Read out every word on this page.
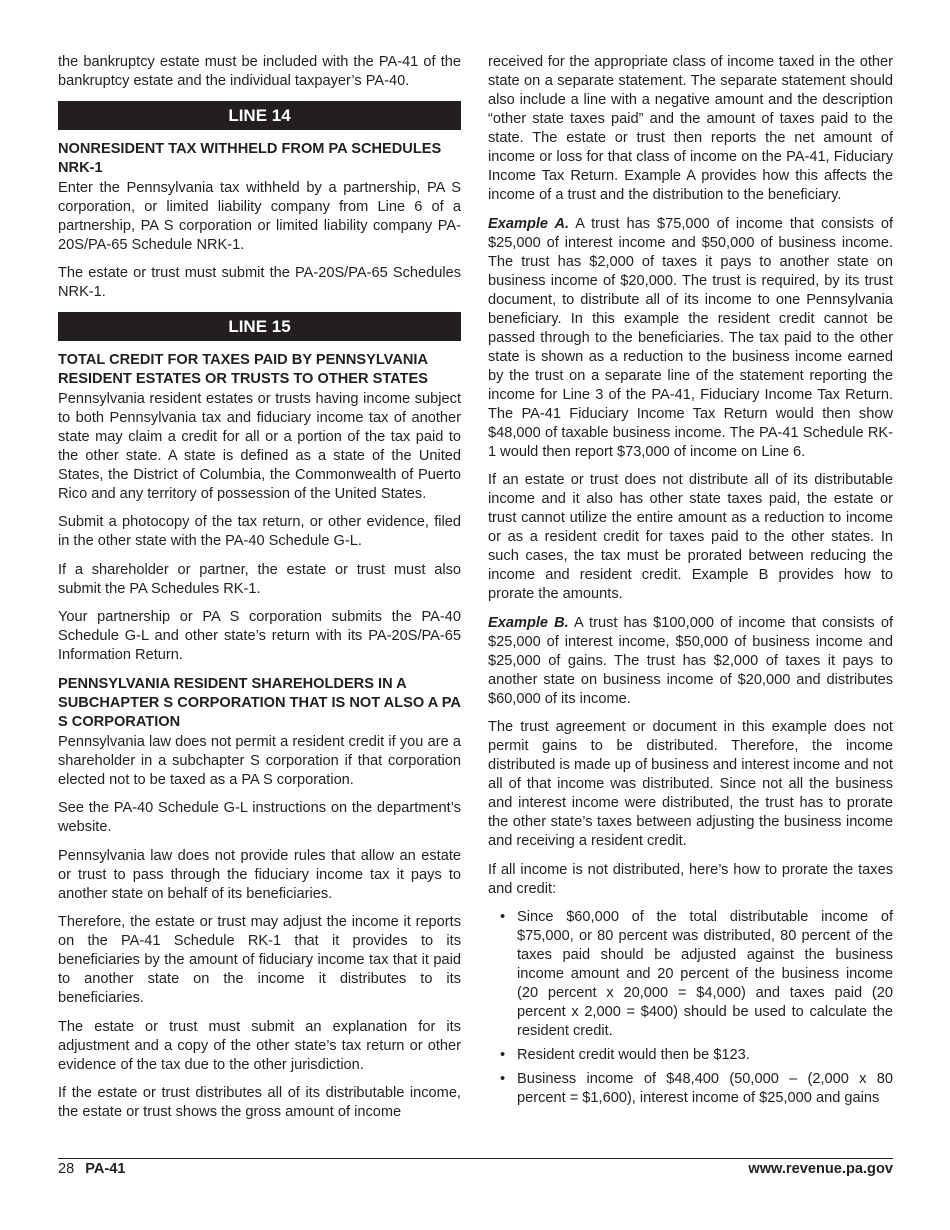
the bankruptcy estate must be included with the PA-41 of the bankruptcy estate and the individual taxpayer’s PA-40.

LINE 14
NONRESIDENT TAX WITHHELD FROM PA SCHEDULES NRK-1

Enter the Pennsylvania tax withheld by a partnership, PA S corporation, or limited liability company from Line 6 of a partnership, PA S corporation or limited liability company PA-20S/PA-65 Schedule NRK-1.

The estate or trust must submit the PA-20S/PA-65 Schedules NRK-1.

LINE 15
TOTAL CREDIT FOR TAXES PAID BY PENNSYLVANIA RESIDENT ESTATES OR TRUSTS TO OTHER STATES

Pennsylvania resident estates or trusts having income subject to both Pennsylvania tax and fiduciary income tax of another state may claim a credit for all or a portion of the tax paid to the other state. A state is defined as a state of the United States, the District of Columbia, the Commonwealth of Puerto Rico and any territory of possession of the United States.

Submit a photocopy of the tax return, or other evidence, filed in the other state with the PA-40 Schedule G-L.

If a shareholder or partner, the estate or trust must also submit the PA Schedules RK-1.

Your partnership or PA S corporation submits the PA-40 Schedule G-L and other state’s return with its PA-20S/PA-65 Information Return.

PENNSYLVANIA RESIDENT SHAREHOLDERS IN A SUBCHAPTER S CORPORATION THAT IS NOT ALSO A PA S CORPORATION

Pennsylvania law does not permit a resident credit if you are a shareholder in a subchapter S corporation if that corporation elected not to be taxed as a PA S corporation.

See the PA-40 Schedule G-L instructions on the department’s website.

Pennsylvania law does not provide rules that allow an estate or trust to pass through the fiduciary income tax it pays to another state on behalf of its beneficiaries.

Therefore, the estate or trust may adjust the income it reports on the PA-41 Schedule RK-1 that it provides to its beneficiaries by the amount of fiduciary income tax that it paid to another state on the income it distributes to its beneficiaries.

The estate or trust must submit an explanation for its adjustment and a copy of the other state’s tax return or other evidence of the tax due to the other jurisdiction.

If the estate or trust distributes all of its distributable income, the estate or trust shows the gross amount of income

received for the appropriate class of income taxed in the other state on a separate statement. The separate statement should also include a line with a negative amount and the description “other state taxes paid” and the amount of taxes paid to the state. The estate or trust then reports the net amount of income or loss for that class of income on the PA-41, Fiduciary Income Tax Return. Example A provides how this affects the income of a trust and the distribution to the beneficiary.

Example A. A trust has $75,000 of income that consists of $25,000 of interest income and $50,000 of business income. The trust has $2,000 of taxes it pays to another state on business income of $20,000. The trust is required, by its trust document, to distribute all of its income to one Pennsylvania beneficiary. In this example the resident credit cannot be passed through to the beneficiaries. The tax paid to the other state is shown as a reduction to the business income earned by the trust on a separate line of the statement reporting the income for Line 3 of the PA-41, Fiduciary Income Tax Return. The PA-41 Fiduciary Income Tax Return would then show $48,000 of taxable business income. The PA-41 Schedule RK-1 would then report $73,000 of income on Line 6.

If an estate or trust does not distribute all of its distributable income and it also has other state taxes paid, the estate or trust cannot utilize the entire amount as a reduction to income or as a resident credit for taxes paid to the other states. In such cases, the tax must be prorated between reducing the income and resident credit. Example B provides how to prorate the amounts.

Example B. A trust has $100,000 of income that consists of $25,000 of interest income, $50,000 of business income and $25,000 of gains. The trust has $2,000 of taxes it pays to another state on business income of $20,000 and distributes $60,000 of its income.

The trust agreement or document in this example does not permit gains to be distributed. Therefore, the income distributed is made up of business and interest income and not all of that income was distributed. Since not all the business and interest income were distributed, the trust has to prorate the other state’s taxes between adjusting the business income and receiving a resident credit.

If all income is not distributed, here’s how to prorate the taxes and credit:

• Since $60,000 of the total distributable income of $75,000, or 80 percent was distributed, 80 percent of the taxes paid should be adjusted against the business income amount and 20 percent of the business income (20 percent x 20,000 = $4,000) and taxes paid (20 percent x 2,000 = $400) should be used to calculate the resident credit.
• Resident credit would then be $123.
• Business income of $48,400 (50,000 – (2,000 x 80 percent = $1,600), interest income of $25,000 and gains
28 PA-41	www.revenue.pa.gov
